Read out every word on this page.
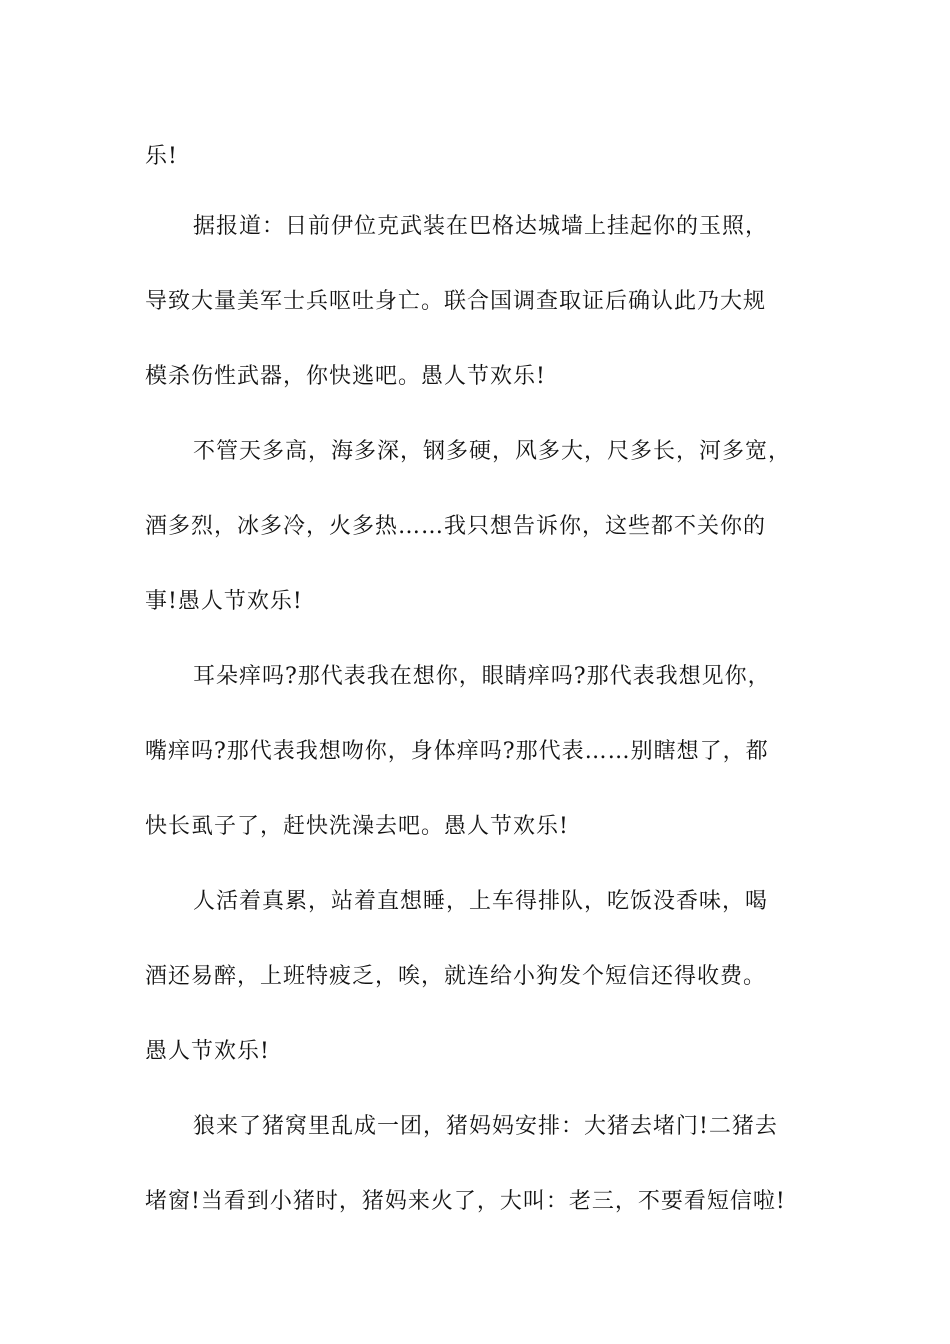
乐!
据报道：日前伊位克武装在巴格达城墙上挂起你的玉照，
导致大量美军士兵呕吐身亡。联合国调查取证后确认此乃大规
模杀伤性武器，你快逃吧。愚人节欢乐!
不管天多高，海多深，钢多硬，风多大，尺多长，河多宽，
酒多烈，冰多冷，火多热……我只想告诉你，这些都不关你的
事!愚人节欢乐!
耳朵痒吗?那代表我在想你，眼睛痒吗?那代表我想见你，
嘴痒吗?那代表我想吻你，身体痒吗?那代表……别瞎想了，都
快长虱子了，赶快洗澡去吧。愚人节欢乐!
人活着真累，站着直想睡，上车得排队，吃饭没香味，喝
酒还易醉，上班特疲乏，唉，就连给小狗发个短信还得收费。
愚人节欢乐!
狼来了猪窝里乱成一团，猪妈妈安排：大猪去堵门!二猪去
堵窗!当看到小猪时，猪妈来火了，大叫：老三，不要看短信啦!
